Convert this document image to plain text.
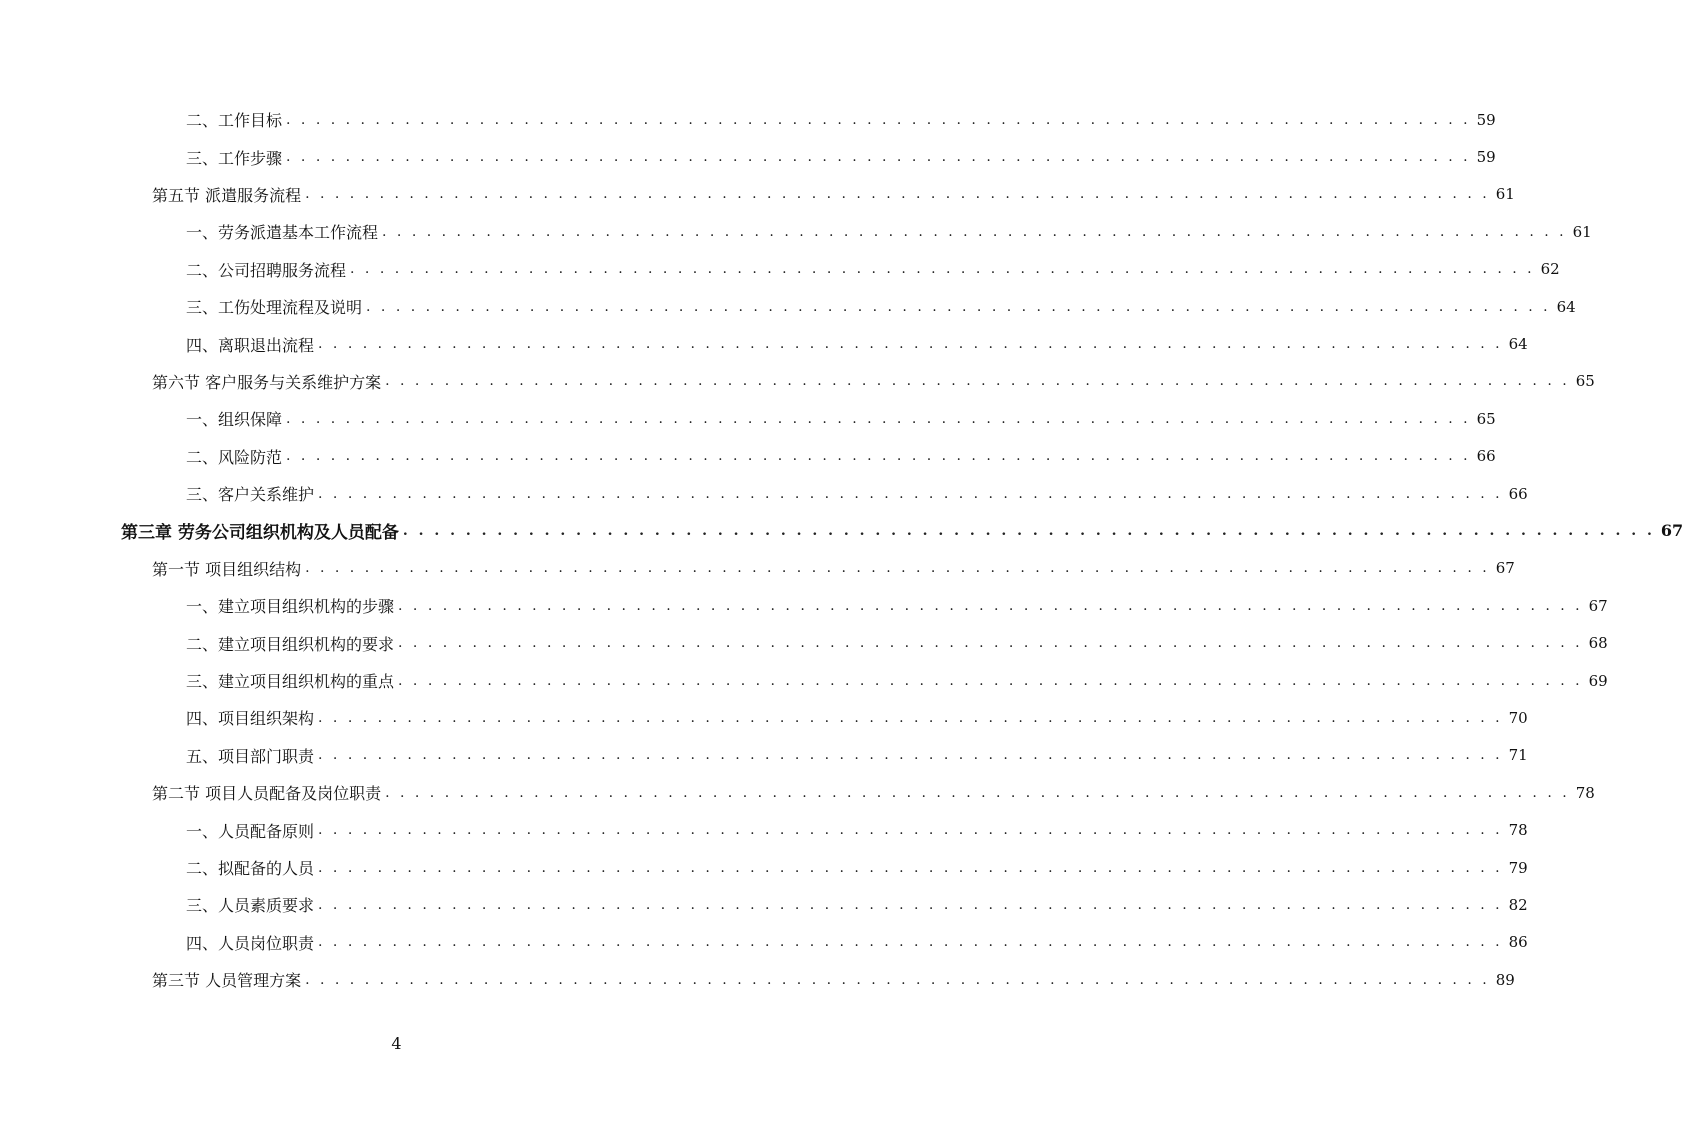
二、工作目标 . . . . . . . . . . . . . . . . . . . . . . . . . . . . . . . . . . . . . . . . . . . . . . . . . . . . . . . . . . . . . . . . . . . . . . . . . . . . . . . . 59
三、工作步骤 . . . . . . . . . . . . . . . . . . . . . . . . . . . . . . . . . . . . . . . . . . . . . . . . . . . . . . . . . . . . . . . . . . . . . . . . . . . . . . . . 59
第五节 派遣服务流程 . . . . . . . . . . . . . . . . . . . . . . . . . . . . . . . . . . . . . . . . . . . . . . . . . . . . . . . . . . . . . . . . . . . . . . . . . . . . . . . . 61
一、劳务派遣基本工作流程 . . . . . . . . . . . . . . . . . . . . . . . . . . . . . . . . . . . . . . . . . . . . . . . . . . . . . . . . . . . . . . . . . . . . . . . . . . . . . . . . 61
二、公司招聘服务流程 . . . . . . . . . . . . . . . . . . . . . . . . . . . . . . . . . . . . . . . . . . . . . . . . . . . . . . . . . . . . . . . . . . . . . . . . . . . . . . . . 62
三、工伤处理流程及说明 . . . . . . . . . . . . . . . . . . . . . . . . . . . . . . . . . . . . . . . . . . . . . . . . . . . . . . . . . . . . . . . . . . . . . . . . . . . . . . . . 64
四、离职退出流程 . . . . . . . . . . . . . . . . . . . . . . . . . . . . . . . . . . . . . . . . . . . . . . . . . . . . . . . . . . . . . . . . . . . . . . . . . . . . . . . . 64
第六节 客户服务与关系维护方案 . . . . . . . . . . . . . . . . . . . . . . . . . . . . . . . . . . . . . . . . . . . . . . . . . . . . . . . . . . . . . . . . . . . . . . . . . . . . . . . . 65
一、组织保障 . . . . . . . . . . . . . . . . . . . . . . . . . . . . . . . . . . . . . . . . . . . . . . . . . . . . . . . . . . . . . . . . . . . . . . . . . . . . . . . . 65
二、风险防范 . . . . . . . . . . . . . . . . . . . . . . . . . . . . . . . . . . . . . . . . . . . . . . . . . . . . . . . . . . . . . . . . . . . . . . . . . . . . . . . . 66
三、客户关系维护 . . . . . . . . . . . . . . . . . . . . . . . . . . . . . . . . . . . . . . . . . . . . . . . . . . . . . . . . . . . . . . . . . . . . . . . . . . . . . . . . 66
第三章 劳务公司组织机构及人员配备 . . . . . . . . . . . . . . . . . . . . . . . . . . . . . . . . . . . . . . . . . . . . . . . . . . . . . . . . . . . . . . . . . . . . . . . . . . . . . . . . 67
第一节 项目组织结构 . . . . . . . . . . . . . . . . . . . . . . . . . . . . . . . . . . . . . . . . . . . . . . . . . . . . . . . . . . . . . . . . . . . . . . . . . . . . . . . . 67
一、建立项目组织机构的步骤 . . . . . . . . . . . . . . . . . . . . . . . . . . . . . . . . . . . . . . . . . . . . . . . . . . . . . . . . . . . . . . . . . . . . . . . . . . . . . . . . 67
二、建立项目组织机构的要求 . . . . . . . . . . . . . . . . . . . . . . . . . . . . . . . . . . . . . . . . . . . . . . . . . . . . . . . . . . . . . . . . . . . . . . . . . . . . . . . . 68
三、建立项目组织机构的重点 . . . . . . . . . . . . . . . . . . . . . . . . . . . . . . . . . . . . . . . . . . . . . . . . . . . . . . . . . . . . . . . . . . . . . . . . . . . . . . . . 69
四、项目组织架构 . . . . . . . . . . . . . . . . . . . . . . . . . . . . . . . . . . . . . . . . . . . . . . . . . . . . . . . . . . . . . . . . . . . . . . . . . . . . . . . . 70
五、项目部门职责 . . . . . . . . . . . . . . . . . . . . . . . . . . . . . . . . . . . . . . . . . . . . . . . . . . . . . . . . . . . . . . . . . . . . . . . . . . . . . . . . 71
第二节 项目人员配备及岗位职责 . . . . . . . . . . . . . . . . . . . . . . . . . . . . . . . . . . . . . . . . . . . . . . . . . . . . . . . . . . . . . . . . . . . . . . . . . . . . . . . . 78
一、人员配备原则 . . . . . . . . . . . . . . . . . . . . . . . . . . . . . . . . . . . . . . . . . . . . . . . . . . . . . . . . . . . . . . . . . . . . . . . . . . . . . . . . 78
二、拟配备的人员 . . . . . . . . . . . . . . . . . . . . . . . . . . . . . . . . . . . . . . . . . . . . . . . . . . . . . . . . . . . . . . . . . . . . . . . . . . . . . . . . 79
三、人员素质要求 . . . . . . . . . . . . . . . . . . . . . . . . . . . . . . . . . . . . . . . . . . . . . . . . . . . . . . . . . . . . . . . . . . . . . . . . . . . . . . . . 82
四、人员岗位职责 . . . . . . . . . . . . . . . . . . . . . . . . . . . . . . . . . . . . . . . . . . . . . . . . . . . . . . . . . . . . . . . . . . . . . . . . . . . . . . . . 86
第三节 人员管理方案 . . . . . . . . . . . . . . . . . . . . . . . . . . . . . . . . . . . . . . . . . . . . . . . . . . . . . . . . . . . . . . . . . . . . . . . . . . . . . . . . 89
4
